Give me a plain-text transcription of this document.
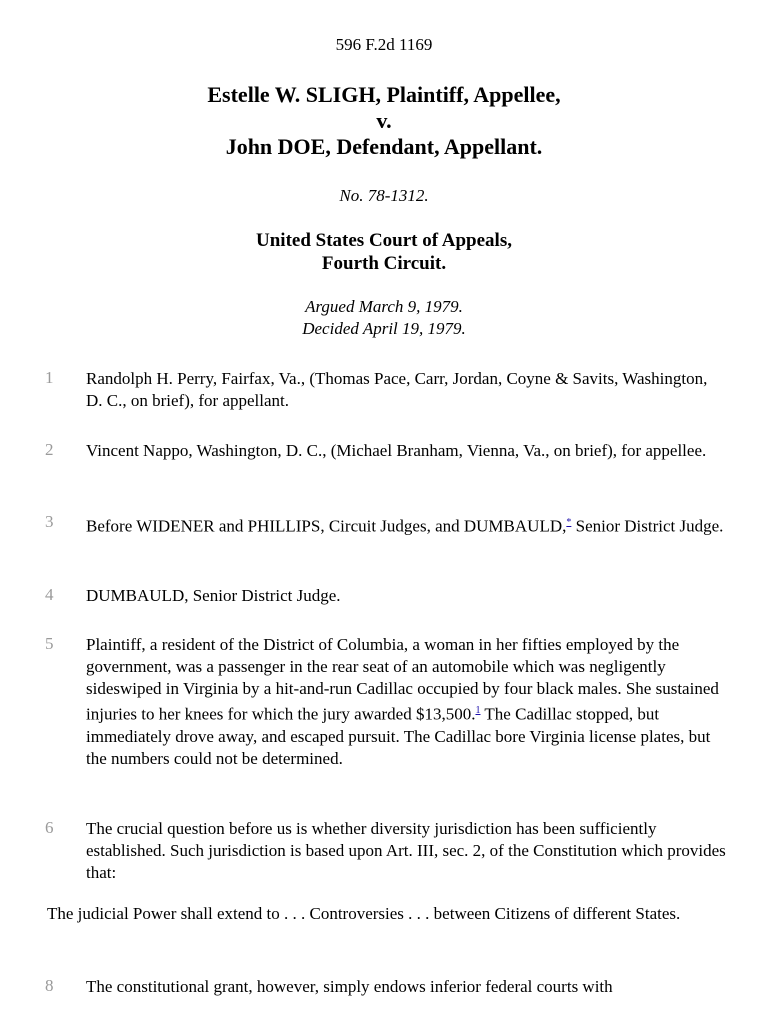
596 F.2d 1169
Estelle W. SLIGH, Plaintiff, Appellee,
v.
John DOE, Defendant, Appellant.
No. 78-1312.
United States Court of Appeals,
Fourth Circuit.
Argued March 9, 1979.
Decided April 19, 1979.
1 Randolph H. Perry, Fairfax, Va., (Thomas Pace, Carr, Jordan, Coyne & Savits, Washington, D. C., on brief), for appellant.
2 Vincent Nappo, Washington, D. C., (Michael Branham, Vienna, Va., on brief), for appellee.
3 Before WIDENER and PHILLIPS, Circuit Judges, and DUMBAULD,* Senior District Judge.
4 DUMBAULD, Senior District Judge.
5 Plaintiff, a resident of the District of Columbia, a woman in her fifties employed by the government, was a passenger in the rear seat of an automobile which was negligently sideswiped in Virginia by a hit-and-run Cadillac occupied by four black males. She sustained injuries to her knees for which the jury awarded $13,500.$^1$ The Cadillac stopped, but immediately drove away, and escaped pursuit. The Cadillac bore Virginia license plates, but the numbers could not be determined.
6 The crucial question before us is whether diversity jurisdiction has been sufficiently established. Such jurisdiction is based upon Art. III, sec. 2, of the Constitution which provides that:
The judicial Power shall extend to . . . Controversies . . . between Citizens of different States.
8 The constitutional grant, however, simply endows inferior federal courts with
